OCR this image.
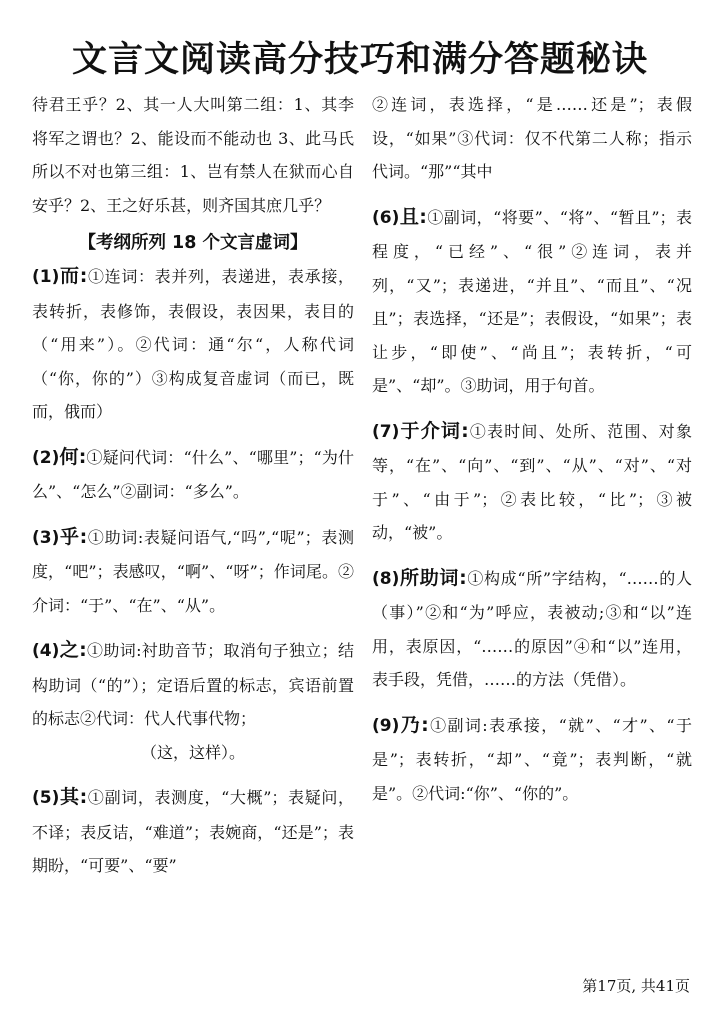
文言文阅读高分技巧和满分答题秘诀

待君王乎？2、其一人大叫第二组：1、其李将军之谓也？2、能设而不能动也 3、此马氏所以不对也第三组：1、岂有禁人在狱而心自安乎？2、王之好乐甚，则齐国其庶几乎？

【考纲所列 18 个文言虚词】

(1)而:①连词：表并列，表递进，表承接，表转折，表修饰，表假设，表因果，表目的（“用来”）。②代词：通“尔“，人称代词（“你，你的”）③构成复音虚词（而已，既而，俄而）

(2)何:①疑问代词：“什么”、“哪里”；“为什么”、“怎么”②副词：“多么”。

(3)乎:①助词:表疑问语气,“吗”,“呢”；表测度，“吧”；表感叹，“啊”、“呀”；作词尾。②介词：“于”、“在”、“从”。

(4)之:①助词:衬助音节；取消句子独立；结构助词（“的”）；定语后置的标志，宾语前置的标志②代词：代人代事代物；

（这，这样）。

(5)其:①副词，表测度，“大概”；表疑问，不译；表反诘，“难道”；表婉商，“还是”；表期盼，“可要”、“要”

②连词，表选择，“是……还是”；表假设，“如果”③代词：仅不代第二人称；指示代词。“那”“其中

(6)且:①副词，“将要”、“将”、“暂且”；表程度，“已经”、“很”②连词，表并列，“又”；表递进，“并且”、“而且”、“况且”；表选择，“还是”；表假设，“如果”；表让步，“即使”、“尚且”；表转折，“可是”、“却”。③助词，用于句首。

(7)于介词:①表时间、处所、范围、对象等，“在”、“向”、“到”、“从”、“对”、“对于”、“由于”；②表比较，“比”；③被动，“被”。

(8)所助词:①构成“所”字结构，“……的人（事）”②和“为”呼应，表被动;③和“以”连用，表原因，“……的原因”④和“以”连用，表手段，凭借，……的方法（凭借）。

(9)乃:①副词:表承接，“就”、“才”、“于是”；表转折，“却”、“竟”；表判断，“就是”。②代词:“你”、“你的”。

第17页, 共41页
